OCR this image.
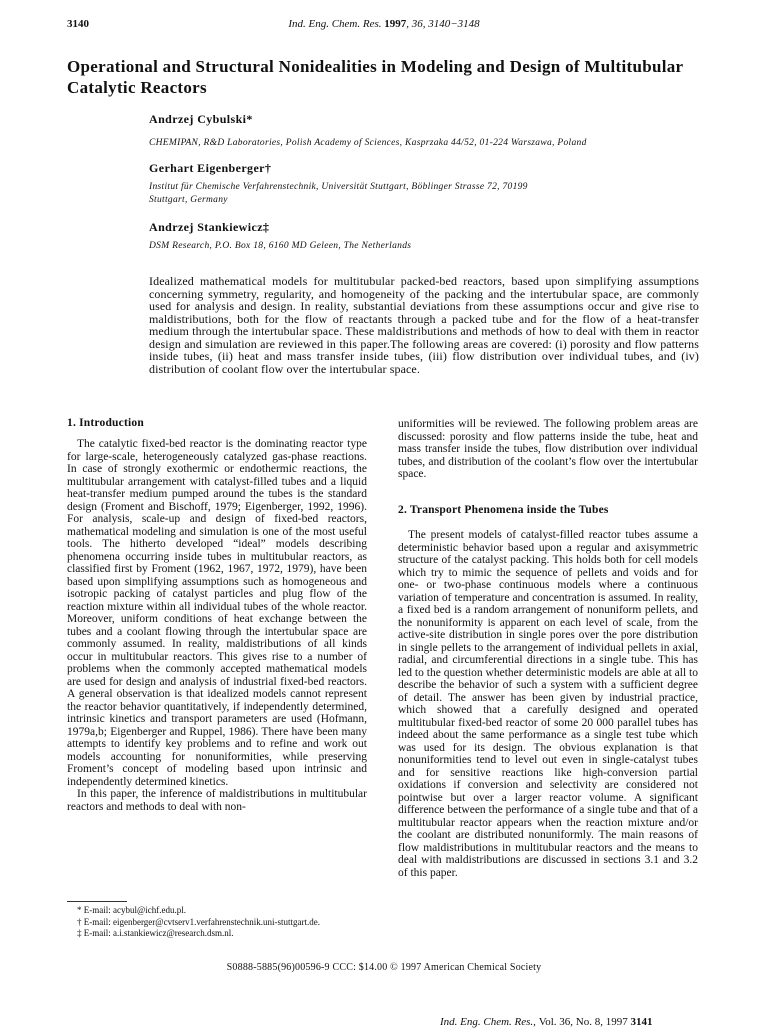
3140	Ind. Eng. Chem. Res. 1997, 36, 3140−3148
Operational and Structural Nonidealities in Modeling and Design of Multitubular Catalytic Reactors
Andrzej Cybulski*
CHEMIPAN, R&D Laboratories, Polish Academy of Sciences, Kasprzaka 44/52, 01-224 Warszawa, Poland
Gerhart Eigenberger†
Institut für Chemische Verfahrenstechnik, Universität Stuttgart, Böblinger Strasse 72, 70199 Stuttgart, Germany
Andrzej Stankiewicz‡
DSM Research, P.O. Box 18, 6160 MD Geleen, The Netherlands
Idealized mathematical models for multitubular packed-bed reactors, based upon simplifying assumptions concerning symmetry, regularity, and homogeneity of the packing and the intertubular space, are commonly used for analysis and design. In reality, substantial deviations from these assumptions occur and give rise to maldistributions, both for the flow of reactants through a packed tube and for the flow of a heat-transfer medium through the intertubular space. These maldistributions and methods of how to deal with them in reactor design and simulation are reviewed in this paper.The following areas are covered: (i) porosity and flow patterns inside tubes, (ii) heat and mass transfer inside tubes, (iii) flow distribution over individual tubes, and (iv) distribution of coolant flow over the intertubular space.
1. Introduction

The catalytic fixed-bed reactor is the dominating reactor type for large-scale, heterogeneously catalyzed gas-phase reactions. In case of strongly exothermic or endothermic reactions, the multitubular arrangement with catalyst-filled tubes and a liquid heat-transfer medium pumped around the tubes is the standard design (Froment and Bischoff, 1979; Eigenberger, 1992, 1996). For analysis, scale-up and design of fixed-bed reactors, mathematical modeling and simulation is one of the most useful tools. The hitherto developed “ideal” models describing phenomena occurring inside tubes in multitubular reactors, as classified first by Froment (1962, 1967, 1972, 1979), have been based upon simplifying assumptions such as homogeneous and isotropic packing of catalyst particles and plug flow of the reaction mixture within all individual tubes of the whole reactor. Moreover, uniform conditions of heat exchange between the tubes and a coolant flowing through the intertubular space are commonly assumed. In reality, maldistributions of all kinds occur in multitubular reactors. This gives rise to a number of problems when the commonly accepted mathematical models are used for design and analysis of industrial fixed-bed reactors. A general observation is that idealized models cannot represent the reactor behavior quantitatively, if independently determined, intrinsic kinetics and transport parameters are used (Hofmann, 1979a,b; Eigenberger and Ruppel, 1986). There have been many attempts to identify key problems and to refine and work out models accounting for nonuniformities, while preserving Froment’s concept of modeling based upon intrinsic and independently determined kinetics.

In this paper, the inference of maldistributions in multitubular reactors and methods to deal with non-

* E-mail: acybul@ichf.edu.pl.
† E-mail: eigenberger@cvtserv1.verfahrenstechnik.uni-stuttgart.de.
‡ E-mail: a.i.stankiewicz@research.dsm.nl.

uniformities will be reviewed. The following problem areas are discussed: porosity and flow patterns inside the tube, heat and mass transfer inside the tubes, flow distribution over individual tubes, and distribution of the coolant’s flow over the intertubular space.

2. Transport Phenomena inside the Tubes

The present models of catalyst-filled reactor tubes assume a deterministic behavior based upon a regular and axisymmetric structure of the catalyst packing. This holds both for cell models which try to mimic the sequence of pellets and voids and for one- or two-phase continuous models where a continuous variation of temperature and concentration is assumed. In reality, a fixed bed is a random arrangement of nonuniform pellets, and the nonuniformity is apparent on each level of scale, from the active-site distribution in single pores over the pore distribution in single pellets to the arrangement of individual pellets in axial, radial, and circumferential directions in a single tube. This has led to the question whether deterministic models are able at all to describe the behavior of such a system with a sufficient degree of detail. The answer has been given by industrial practice, which showed that a carefully designed and operated multitubular fixed-bed reactor of some 20 000 parallel tubes has indeed about the same performance as a single test tube which was used for its design. The obvious explanation is that nonuniformities tend to level out even in single-catalyst tubes and for sensitive reactions like high-conversion partial oxidations if conversion and selectivity are considered not pointwise but over a larger reactor volume. A significant difference between the performance of a single tube and that of a multitubular reactor appears when the reaction mixture and/or the coolant are distributed nonuniformly. The main reasons of flow maldistributions in multitubular reactors and the means to deal with maldistributions are discussed in sections 3.1 and 3.2 of this paper.

S0888-5885(96)00596-9 CCC: $14.00 © 1997 American Chemical Society
Ind. Eng. Chem. Res., Vol. 36, No. 8, 1997 3141
